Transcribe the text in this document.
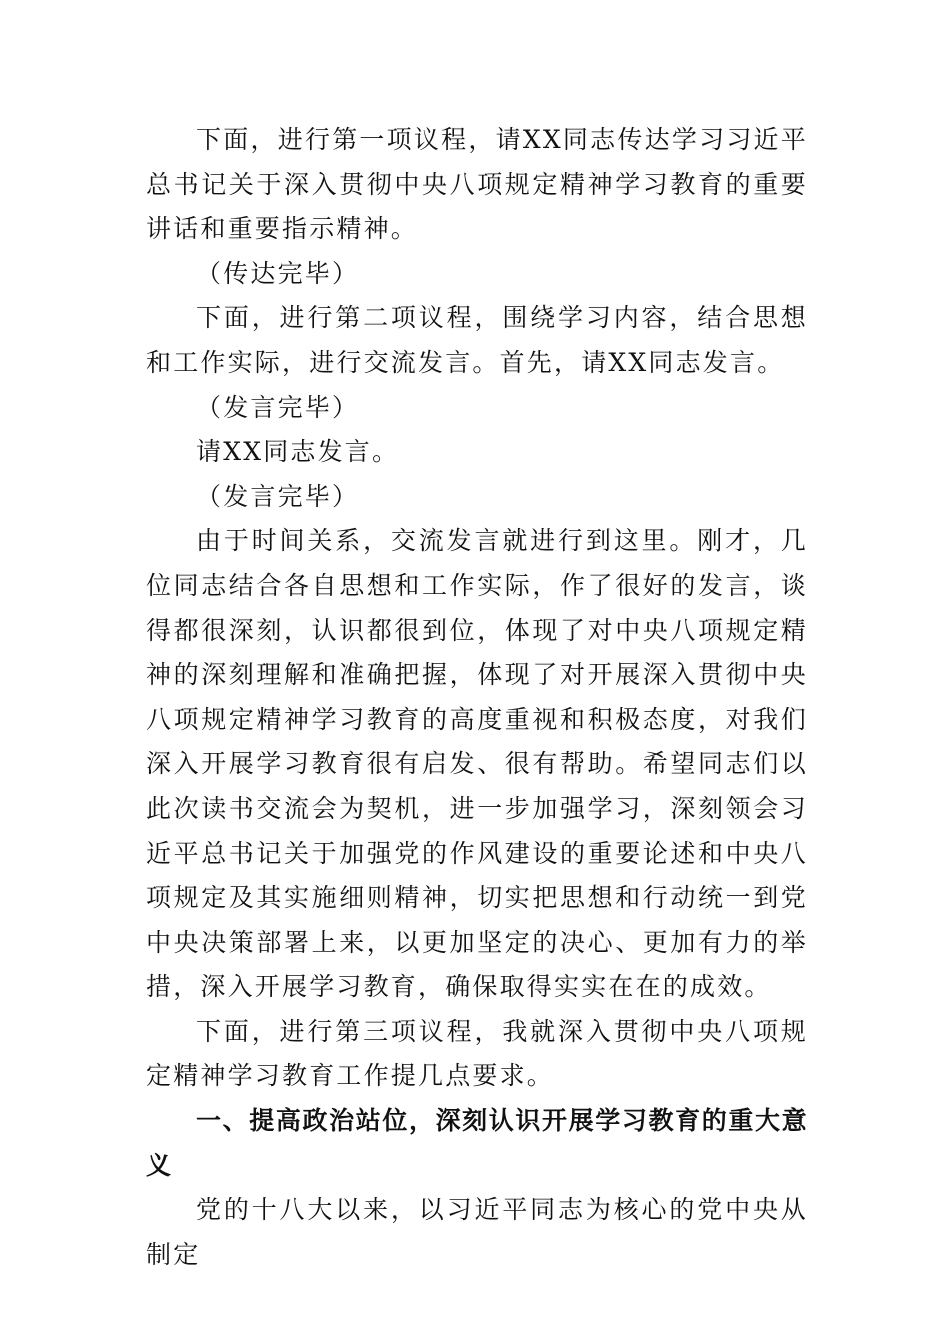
下面，进行第一项议程，请XX同志传达学习习近平总书记关于深入贯彻中央八项规定精神学习教育的重要讲话和重要指示精神。

（传达完毕）

下面，进行第二项议程，围绕学习内容，结合思想和工作实际，进行交流发言。首先，请XX同志发言。

（发言完毕）

请XX同志发言。

（发言完毕）

由于时间关系，交流发言就进行到这里。刚才，几位同志结合各自思想和工作实际，作了很好的发言，谈得都很深刻，认识都很到位，体现了对中央八项规定精神的深刻理解和准确把握，体现了对开展深入贯彻中央八项规定精神学习教育的高度重视和积极态度，对我们深入开展学习教育很有启发、很有帮助。希望同志们以此次读书交流会为契机，进一步加强学习，深刻领会习近平总书记关于加强党的作风建设的重要论述和中央八项规定及其实施细则精神，切实把思想和行动统一到党中央决策部署上来，以更加坚定的决心、更加有力的举措，深入开展学习教育，确保取得实实在在的成效。

下面，进行第三项议程，我就深入贯彻中央八项规定精神学习教育工作提几点要求。

一、提高政治站位，深刻认识开展学习教育的重大意义

党的十八大以来，以习近平同志为核心的党中央从制定
